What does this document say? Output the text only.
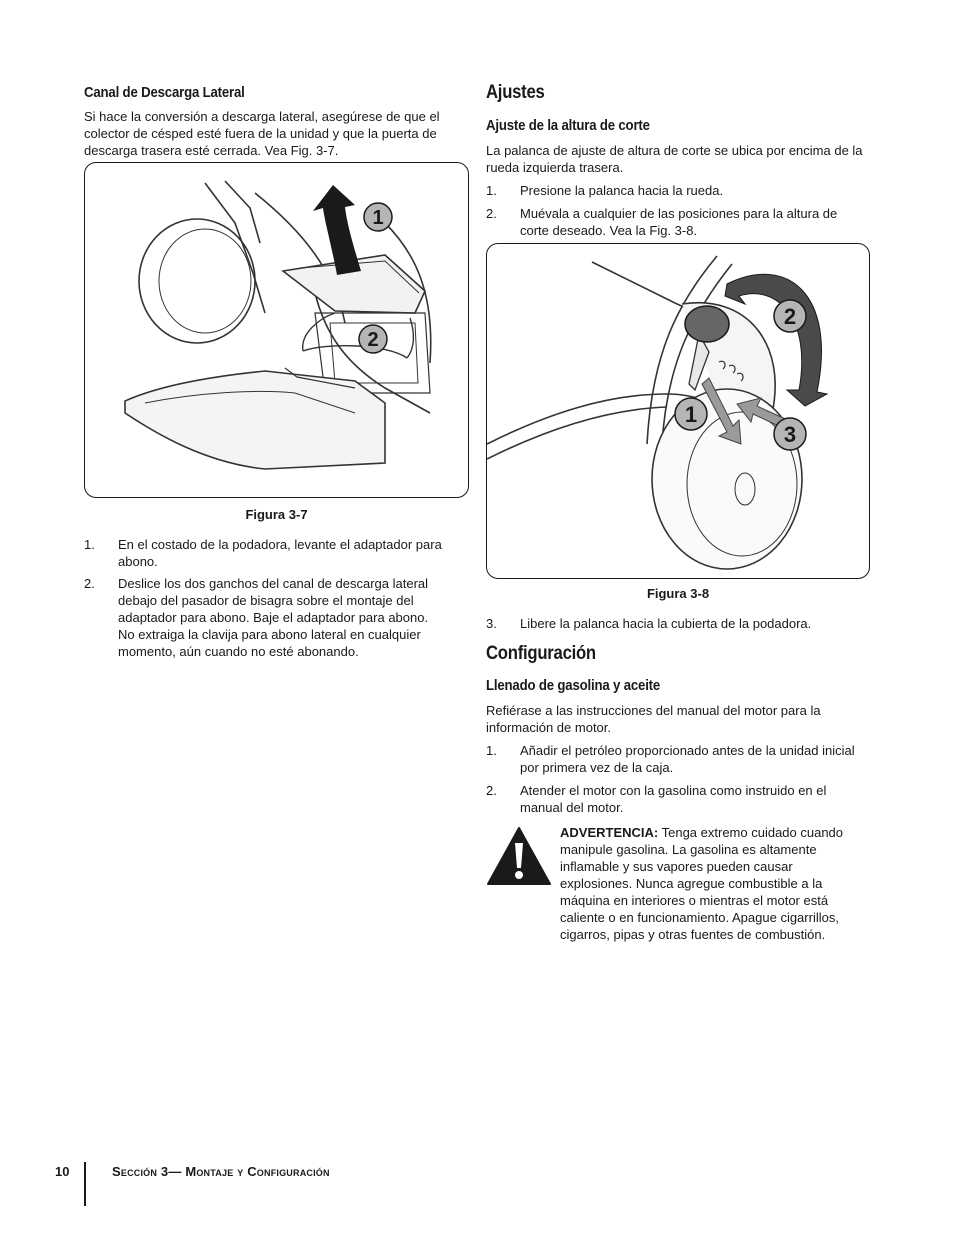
Canal de Descarga Lateral

Si hace la conversión a descarga lateral, asegúrese de que el colector de césped esté fuera de la unidad y que la puerta de descarga trasera esté cerrada. Vea Fig. 3-7.

1
2
Figura 3-7
1. En el costado de la podadora, levante el adaptador para abono.
2. Deslice los dos ganchos del canal de descarga lateral debajo del pasador de bisagra sobre el montaje del adaptador para abono. Baje el adaptador para abono. No extraiga la clavija para abono lateral en cualquier momento, aún cuando no esté abonando.
Ajustes
Ajuste de la altura de corte

La palanca de ajuste de altura de corte se ubica por encima de la rueda izquierda trasera.

1. Presione la palanca hacia la rueda.
2. Muévala a cualquier de las posiciones para la altura de corte deseado. Vea la Fig. 3-8.
1
2
3
Figura 3-8
3. Libere la palanca hacia la cubierta de la podadora.
Configuración
Llenado de gasolina y aceite

Refiérase a las instrucciones del manual del motor para la información de motor.

1. Añadir el petróleo proporcionado antes de la unidad inicial por primera vez de la caja.
2. Atender el motor con la gasolina como instruido en el manual del motor.
ADVERTENCIA: Tenga extremo cuidado cuando manipule gasolina. La gasolina es altamente inflamable y sus vapores pueden causar explosiones. Nunca agregue combustible a la máquina en interiores o mientras el motor está caliente o en funcionamiento. Apague cigarrillos, cigarros, pipas y otras fuentes de combustión.
10	Sección 3— Montaje y Configuración
